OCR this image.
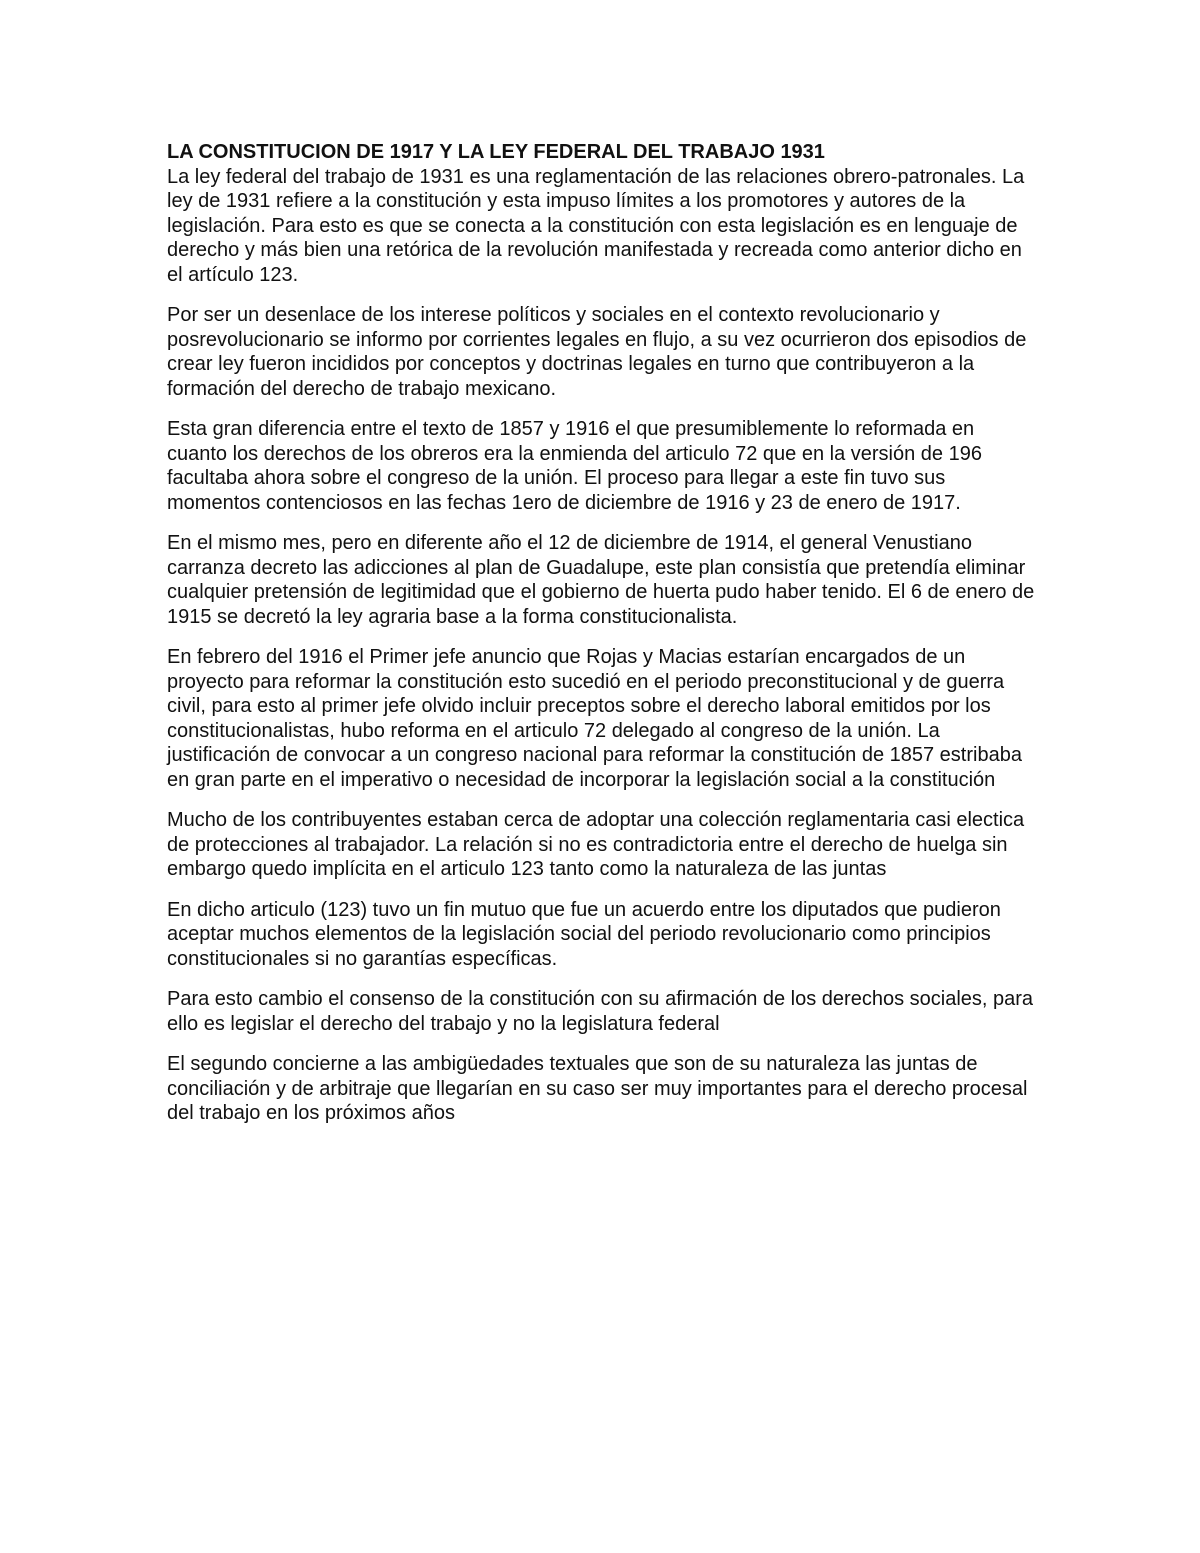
LA CONSTITUCION DE 1917 Y LA LEY FEDERAL DEL TRABAJO 1931

La ley federal del trabajo de 1931 es una reglamentación de las relaciones obrero-patronales. La ley de 1931 refiere a la constitución y esta impuso límites a los promotores y autores de la legislación. Para esto es que se conecta a la constitución con esta legislación es en lenguaje de derecho y más bien una retórica de la revolución manifestada y recreada como anterior dicho en el artículo 123.

Por ser un desenlace de los interese políticos y sociales en el contexto revolucionario y posrevolucionario se informo por corrientes legales en flujo, a su vez ocurrieron dos episodios de crear ley fueron incididos por conceptos y doctrinas legales en turno que contribuyeron a la formación del derecho de trabajo mexicano.

Esta gran diferencia entre el texto de 1857 y 1916 el que presumiblemente lo reformada en cuanto los derechos de los obreros era la enmienda del articulo 72 que en la versión de 196 facultaba ahora sobre el congreso de la unión. El proceso para llegar a este fin tuvo sus momentos contenciosos en las fechas 1ero de diciembre de 1916 y 23 de enero de 1917.

En el mismo mes, pero en diferente año el 12 de diciembre de 1914, el general Venustiano carranza decreto las adicciones al plan de Guadalupe, este plan consistía que pretendía eliminar cualquier pretensión de legitimidad que el gobierno de huerta pudo haber tenido. El 6 de enero de 1915 se decretó la ley agraria base a la forma constitucionalista.

En febrero del 1916 el Primer jefe anuncio que Rojas y Macias estarían encargados de un proyecto para reformar la constitución esto sucedió en el periodo preconstitucional y de guerra civil, para esto al primer jefe olvido incluir preceptos sobre el derecho laboral emitidos por los constitucionalistas, hubo reforma en el articulo 72 delegado al congreso de la unión. La justificación de convocar a un congreso nacional para reformar la constitución de 1857 estribaba en gran parte en el imperativo o necesidad de incorporar la legislación social a la constitución

Mucho de los contribuyentes estaban cerca de adoptar una colección reglamentaria casi electica de protecciones al trabajador. La relación si no es contradictoria entre el derecho de huelga sin embargo quedo implícita en el articulo 123 tanto como la naturaleza de las juntas

En dicho articulo (123) tuvo un fin mutuo que fue un acuerdo entre los diputados que pudieron aceptar muchos elementos de la legislación social del periodo revolucionario como principios constitucionales si no garantías específicas.

Para esto cambio el consenso de la constitución con su afirmación de los derechos sociales, para ello es legislar el derecho del trabajo y no la legislatura federal

El segundo concierne a las ambigüedades textuales que son de su naturaleza las juntas de conciliación y de arbitraje que llegarían en su caso ser muy importantes para el derecho procesal del trabajo en los próximos años
